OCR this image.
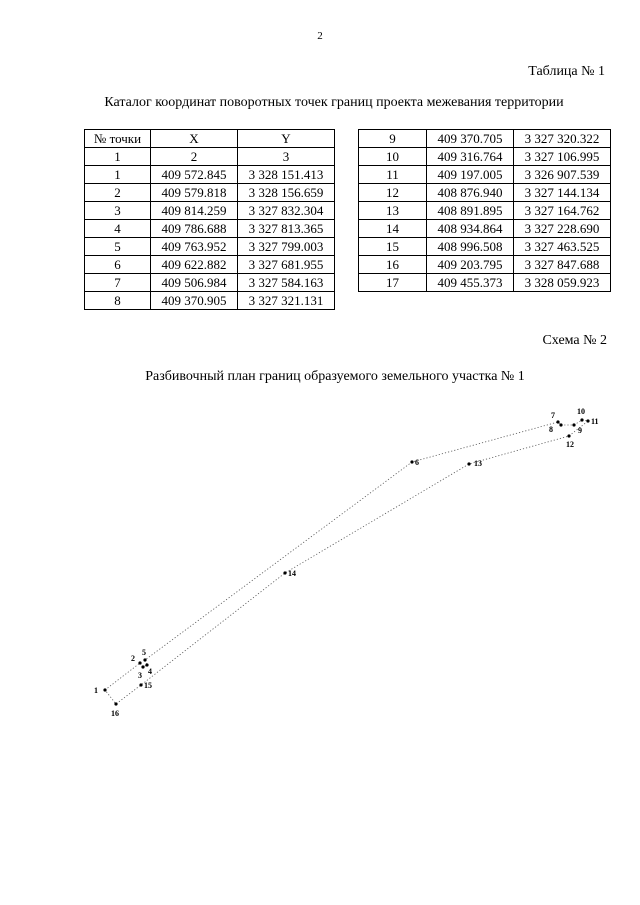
2
Таблица № 1
Каталог координат поворотных точек границ проекта межевания территории
№ точки	X	Y
1	2	3
1	409 572.845	3 328 151.413
2	409 579.818	3 328 156.659
3	409 814.259	3 327 832.304
4	409 786.688	3 327 813.365
5	409 763.952	3 327 799.003
6	409 622.882	3 327 681.955
7	409 506.984	3 327 584.163
8	409 370.905	3 327 321.131
9	409 370.705	3 327 320.322
10	409 316.764	3 327 106.995
11	409 197.005	3 326 907.539
12	408 876.940	3 327 144.134
13	408 891.895	3 327 164.762
14	408 934.864	3 327 228.690
15	408 996.508	3 327 463.525
16	409 203.795	3 327 847.688
17	409 455.373	3 328 059.923
Схема № 2
Разбивочный план границ образуемого земельного участка № 1
1
2
3 4
5
6
7
8	9
10
11
12
13
14
15
16
